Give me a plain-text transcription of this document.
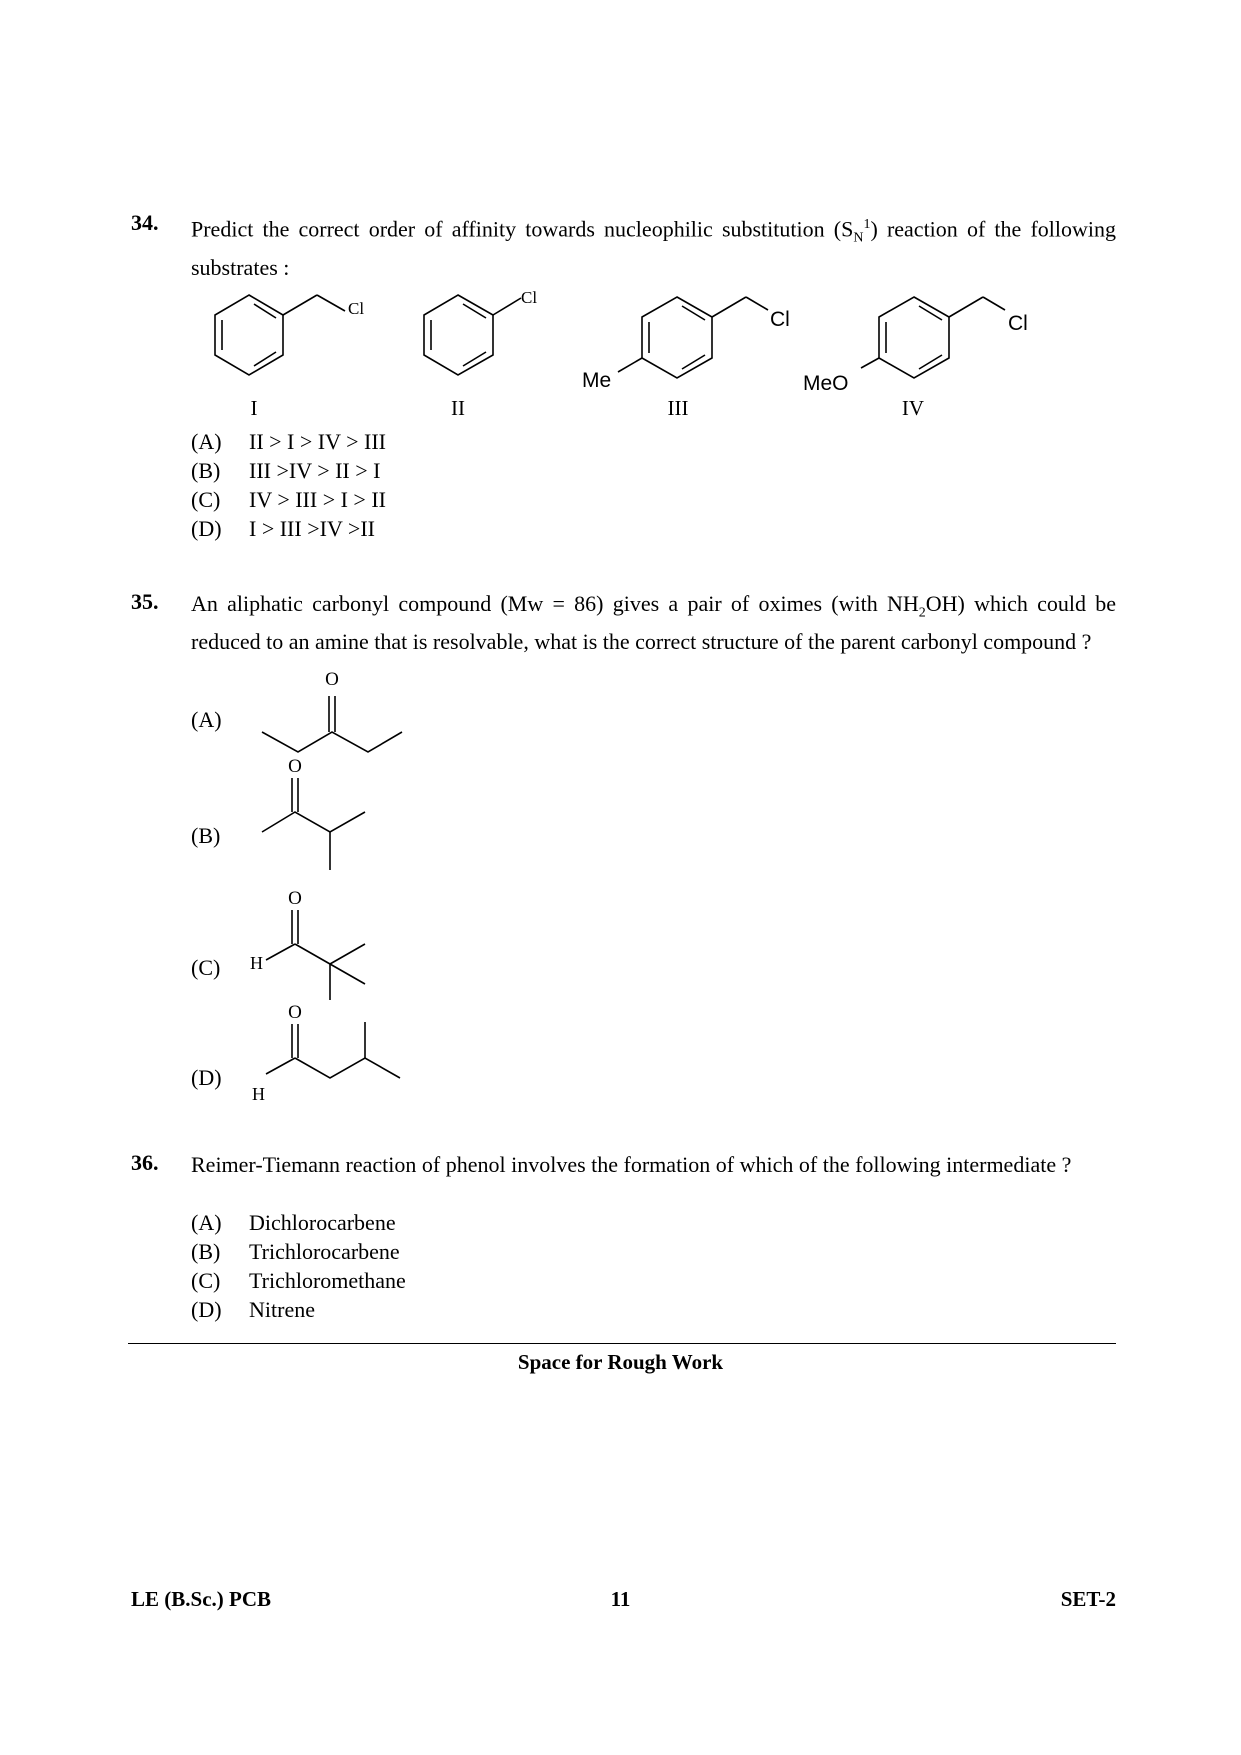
34. Predict the correct order of affinity towards nucleophilic substitution $(S_N^1)$ reaction of the following substrates :
Cl
Cl
Cl
Me
Cl
MeO
I	II	III	IV
(A) II > I > IV > III
(B) III >IV > II > I
(C) IV > III > I > II
(D) I > III >IV >II
35. An aliphatic carbonyl compound (Mw = 86) gives a pair of oximes (with $NH_2OH$) which could be reduced to an amine that is resolvable, what is the correct structure of the parent carbonyl compound ?
(A)
(B)
(C)
(D)
O
O
O
H
O
H
36. Reimer-Tiemann reaction of phenol involves the formation of which of the following intermediate ?
(A) Dichlorocarbene
(B) Trichlorocarbene
(C) Trichloromethane
(D) Nitrene
Space for Rough Work
LE (B.Sc.) PCB	11	SET-2
